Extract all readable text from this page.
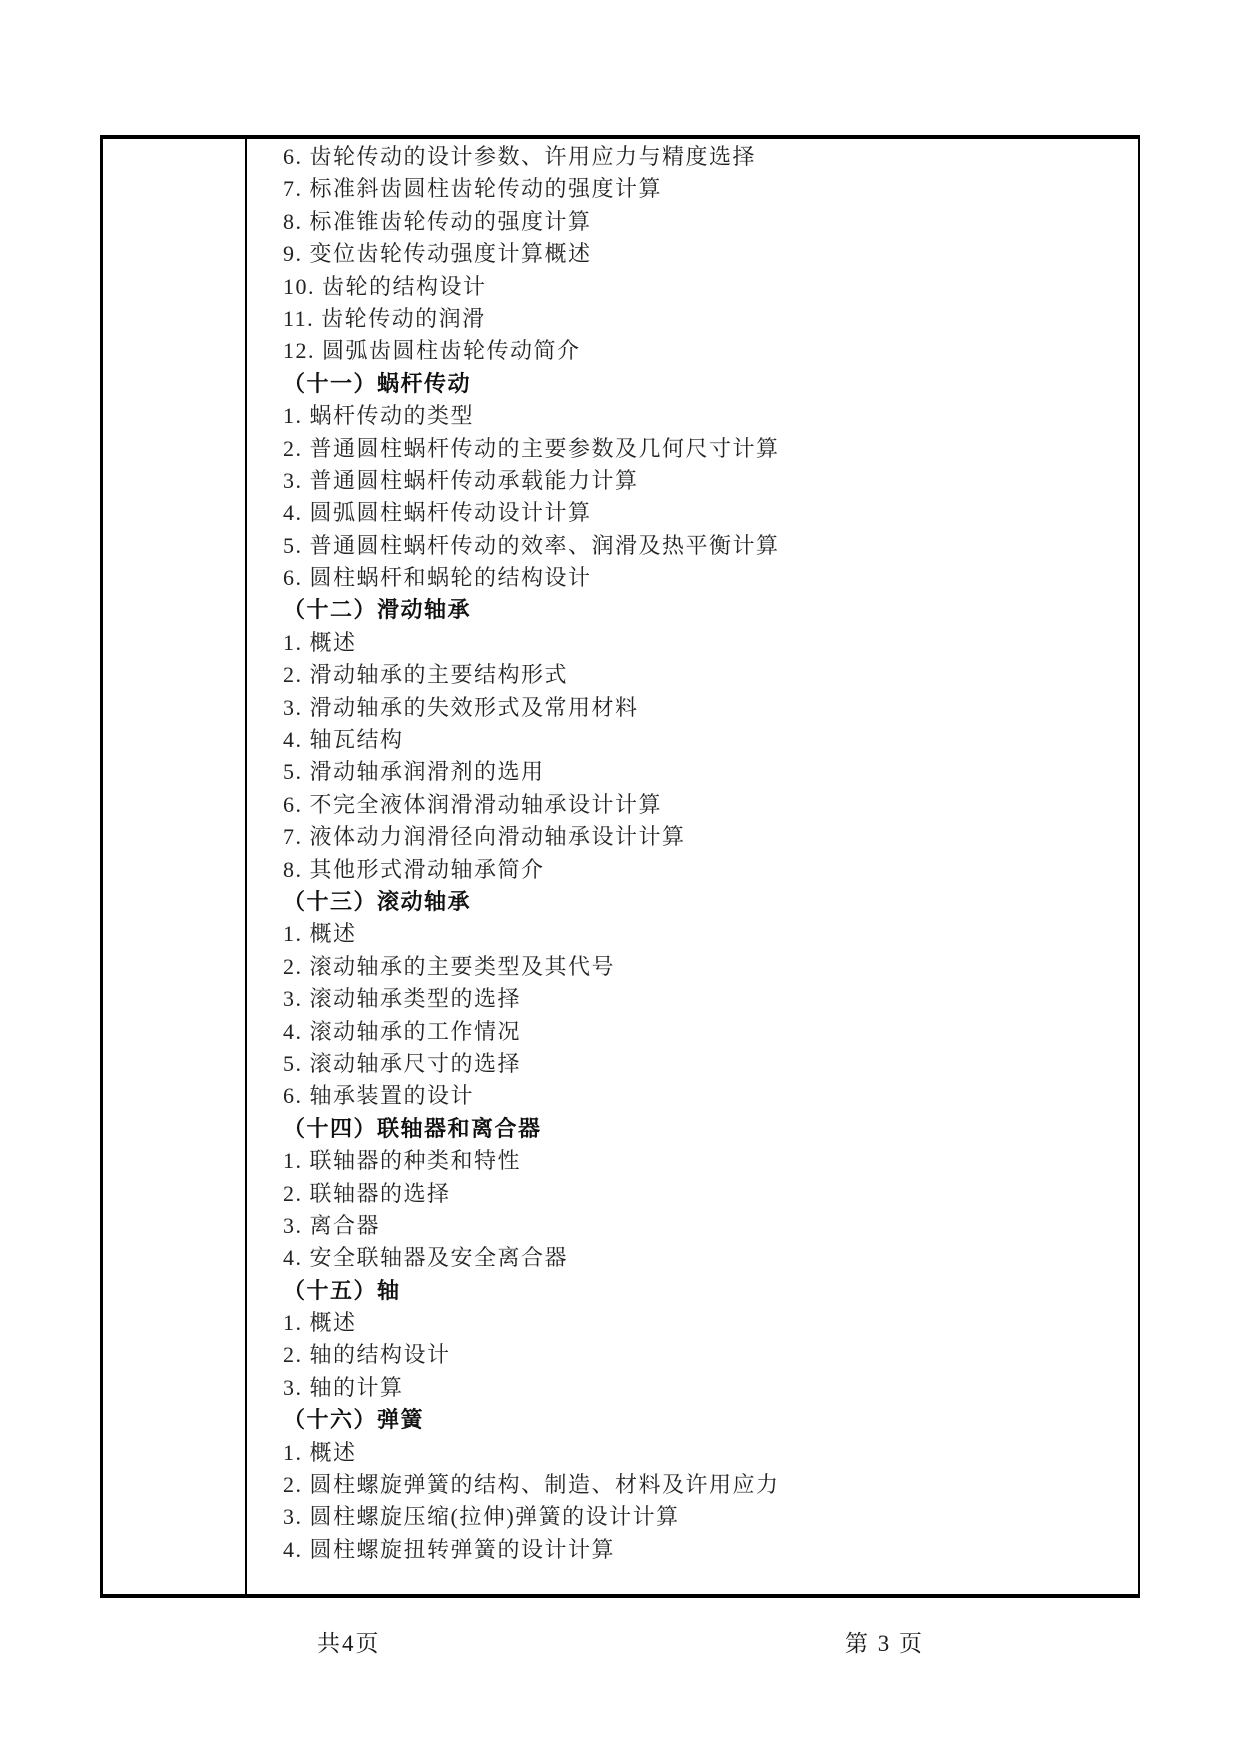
6. 齿轮传动的设计参数、许用应力与精度选择
7. 标准斜齿圆柱齿轮传动的强度计算
8. 标准锥齿轮传动的强度计算
9. 变位齿轮传动强度计算概述
10. 齿轮的结构设计
11. 齿轮传动的润滑
12. 圆弧齿圆柱齿轮传动简介
（十一）蜗杆传动
1. 蜗杆传动的类型
2. 普通圆柱蜗杆传动的主要参数及几何尺寸计算
3. 普通圆柱蜗杆传动承载能力计算
4. 圆弧圆柱蜗杆传动设计计算
5. 普通圆柱蜗杆传动的效率、润滑及热平衡计算
6. 圆柱蜗杆和蜗轮的结构设计
（十二）滑动轴承
1. 概述
2. 滑动轴承的主要结构形式
3. 滑动轴承的失效形式及常用材料
4. 轴瓦结构
5. 滑动轴承润滑剂的选用
6. 不完全液体润滑滑动轴承设计计算
7. 液体动力润滑径向滑动轴承设计计算
8. 其他形式滑动轴承简介
（十三）滚动轴承
1. 概述
2. 滚动轴承的主要类型及其代号
3. 滚动轴承类型的选择
4. 滚动轴承的工作情况
5. 滚动轴承尺寸的选择
6. 轴承装置的设计
（十四）联轴器和离合器
1. 联轴器的种类和特性
2. 联轴器的选择
3. 离合器
4. 安全联轴器及安全离合器
（十五）轴
1. 概述
2. 轴的结构设计
3. 轴的计算
（十六）弹簧
1. 概述
2. 圆柱螺旋弹簧的结构、制造、材料及许用应力
3. 圆柱螺旋压缩(拉伸)弹簧的设计计算
4. 圆柱螺旋扭转弹簧的设计计算
共4页	第 3 页
